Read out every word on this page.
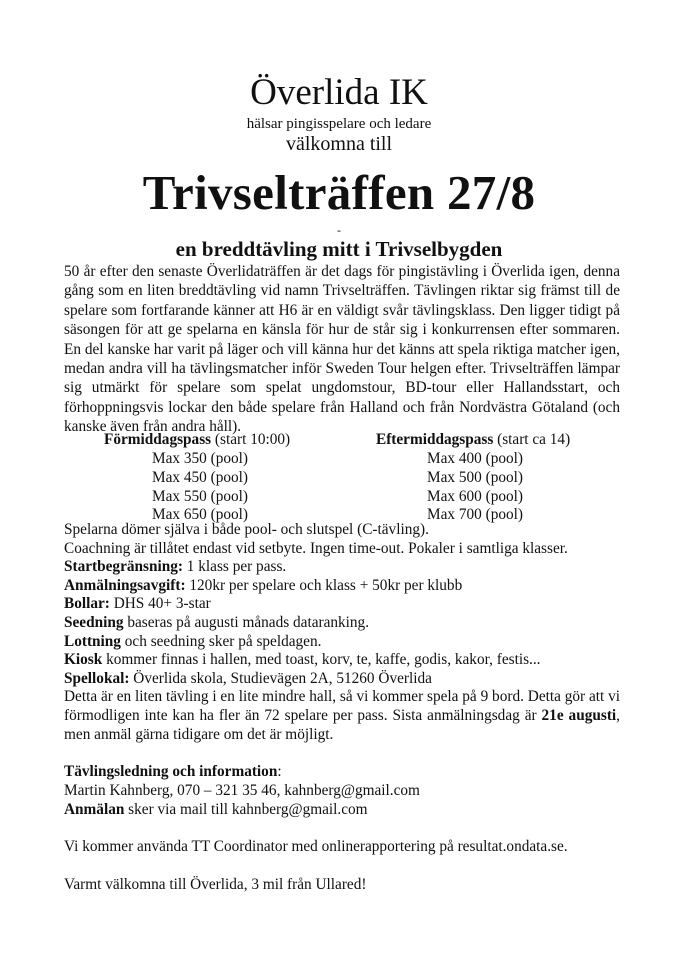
Överlida IK
hälsar pingisspelare och ledare
välkomna till
Trivselträffen 27/8
-
en breddtävling mitt i Trivselbygden
50 år efter den senaste Överlidaträffen är det dags för pingistävling i Överlida igen, denna gång som en liten breddtävling vid namn Trivselträffen. Tävlingen riktar sig främst till de spelare som fortfarande känner att H6 är en väldigt svår tävlingsklass. Den ligger tidigt på säsongen för att ge spelarna en känsla för hur de står sig i konkurrensen efter sommaren. En del kanske har varit på läger och vill känna hur det känns att spela riktiga matcher igen, medan andra vill ha tävlingsmatcher inför Sweden Tour helgen efter. Trivselträffen lämpar sig utmärkt för spelare som spelat ungdomstour, BD-tour eller Hallandsstart, och förhoppningsvis lockar den både spelare från Halland och från Nordvästra Götaland (och kanske även från andra håll).
Förmiddagspass (start 10:00)
Max 350 (pool)
Max 450 (pool)
Max 550 (pool)
Max 650 (pool)
Eftermiddagspass (start ca 14)
Max 400 (pool)
Max 500 (pool)
Max 600 (pool)
Max 700 (pool)
Spelarna dömer själva i både pool- och slutspel (C-tävling).
Coachning är tillåtet endast vid setbyte. Ingen time-out. Pokaler i samtliga klasser.
Startbegränsning: 1 klass per pass.
Anmälningsavgift: 120kr per spelare och klass + 50kr per klubb
Bollar: DHS 40+ 3-star
Seedning baseras på augusti månads dataranking.
Lottning och seedning sker på speldagen.
Kiosk kommer finnas i hallen, med toast, korv, te, kaffe, godis, kakor, festis...
Spellokal: Överlida skola, Studievägen 2A, 51260 Överlida
Detta är en liten tävling i en lite mindre hall, så vi kommer spela på 9 bord. Detta gör att vi förmodligen inte kan ha fler än 72 spelare per pass. Sista anmälningsdag är 21e augusti, men anmäl gärna tidigare om det är möjligt.
Tävlingsledning och information:
Martin Kahnberg, 070 – 321 35 46, kahnberg@gmail.com
Anmälan sker via mail till kahnberg@gmail.com
Vi kommer använda TT Coordinator med onlinerapportering på resultat.ondata.se.
Varmt välkomna till Överlida, 3 mil från Ullared!
